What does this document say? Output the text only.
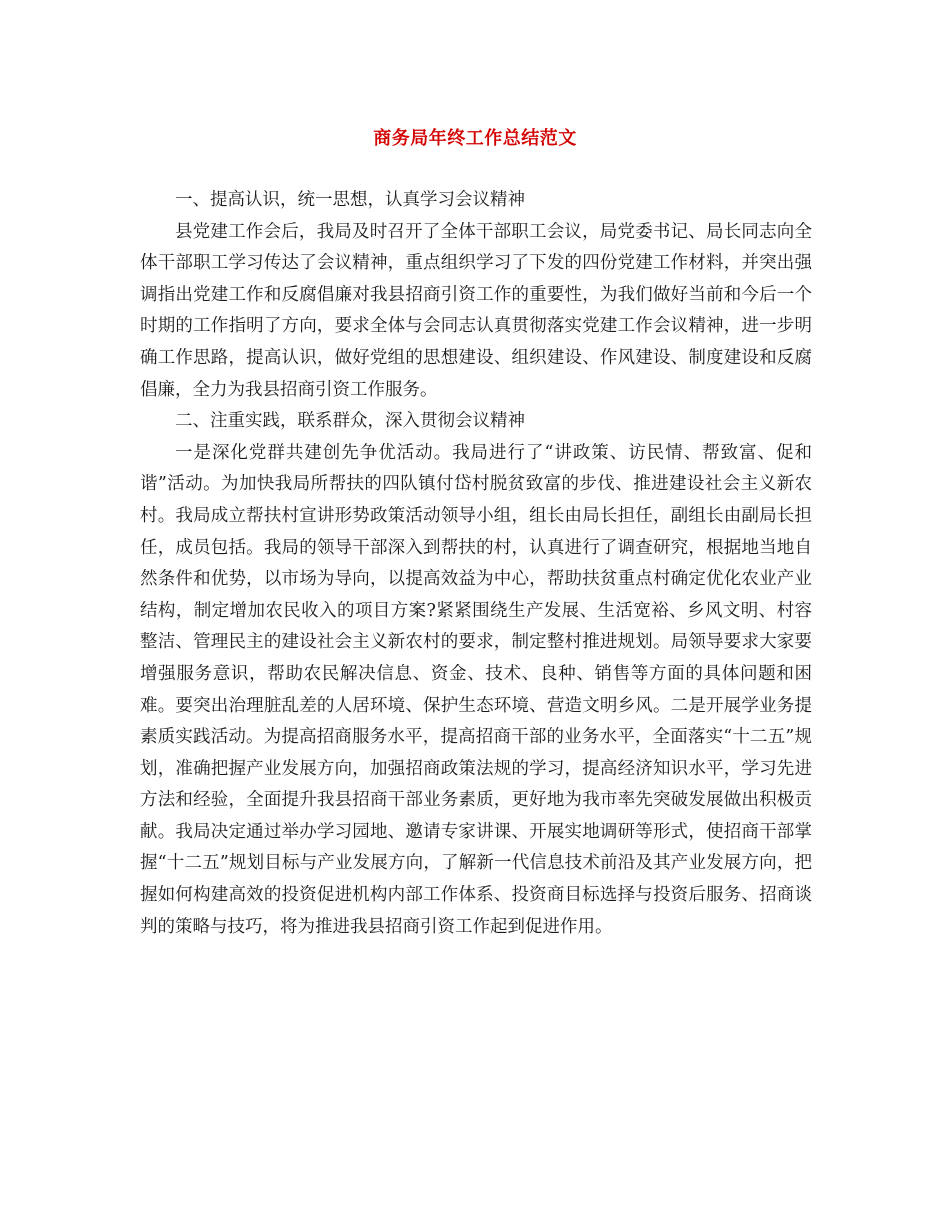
商务局年终工作总结范文

一、提高认识，统一思想，认真学习会议精神

县党建工作会后，我局及时召开了全体干部职工会议，局党委书记、局长同志向全体干部职工学习传达了会议精神，重点组织学习了下发的四份党建工作材料，并突出强调指出党建工作和反腐倡廉对我县招商引资工作的重要性，为我们做好当前和今后一个时期的工作指明了方向，要求全体与会同志认真贯彻落实党建工作会议精神，进一步明确工作思路，提高认识，做好党组的思想建设、组织建设、作风建设、制度建设和反腐倡廉，全力为我县招商引资工作服务。

二、注重实践，联系群众，深入贯彻会议精神

一是深化党群共建创先争优活动。我局进行了“讲政策、访民情、帮致富、促和谐”活动。为加快我局所帮扶的四队镇付岱村脱贫致富的步伐、推进建设社会主义新农村。我局成立帮扶村宣讲形势政策活动领导小组，组长由局长担任，副组长由副局长担任，成员包括。我局的领导干部深入到帮扶的村，认真进行了调查研究，根据地当地自然条件和优势，以市场为导向，以提高效益为中心，帮助扶贫重点村确定优化农业产业结构，制定增加农民收入的项目方案?紧紧围绕生产发展、生活宽裕、乡风文明、村容整洁、管理民主的建设社会主义新农村的要求，制定整村推进规划。局领导要求大家要增强服务意识，帮助农民解决信息、资金、技术、良种、销售等方面的具体问题和困难。要突出治理脏乱差的人居环境、保护生态环境、营造文明乡风。二是开展学业务提素质实践活动。为提高招商服务水平，提高招商干部的业务水平，全面落实“十二五”规划，准确把握产业发展方向，加强招商政策法规的学习，提高经济知识水平，学习先进方法和经验，全面提升我县招商干部业务素质，更好地为我市率先突破发展做出积极贡献。我局决定通过举办学习园地、邀请专家讲课、开展实地调研等形式，使招商干部掌握“十二五”规划目标与产业发展方向，了解新一代信息技术前沿及其产业发展方向，把握如何构建高效的投资促进机构内部工作体系、投资商目标选择与投资后服务、招商谈判的策略与技巧，将为推进我县招商引资工作起到促进作用。
